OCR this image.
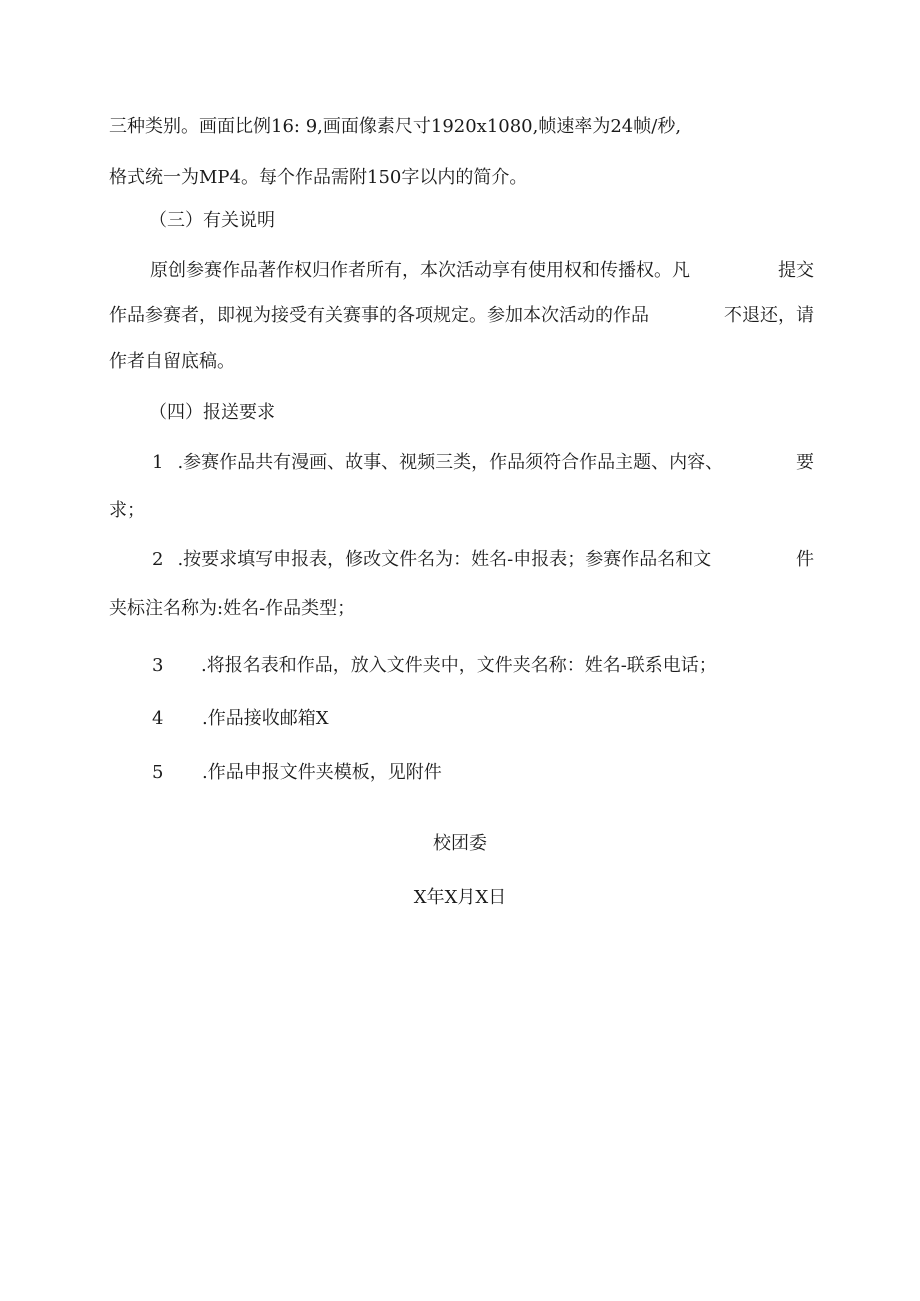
三种类别。画面比例16: 9,画面像素尺寸1920x1080,帧速率为24帧/秒,
格式统一为MP4。每个作品需附150字以内的简介。
（三）有关说明
原创参赛作品著作权归作者所有，本次活动享有使用权和传播权。凡	提交
作品参赛者，即视为接受有关赛事的各项规定。参加本次活动的作品	不退还，请
作者自留底稿。
（四）报送要求
1 .参赛作品共有漫画、故事、视频三类，作品须符合作品主题、内容、	要
求；
2 .按要求填写申报表，修改文件名为：姓名-申报表；参赛作品名和文	件
夹标注名称为:姓名-作品类型；
3 .将报名表和作品，放入文件夹中，文件夹名称：姓名-联系电话；
4 .作品接收邮箱X
5 .作品申报文件夹模板，见附件
校团委
X年X月X日
